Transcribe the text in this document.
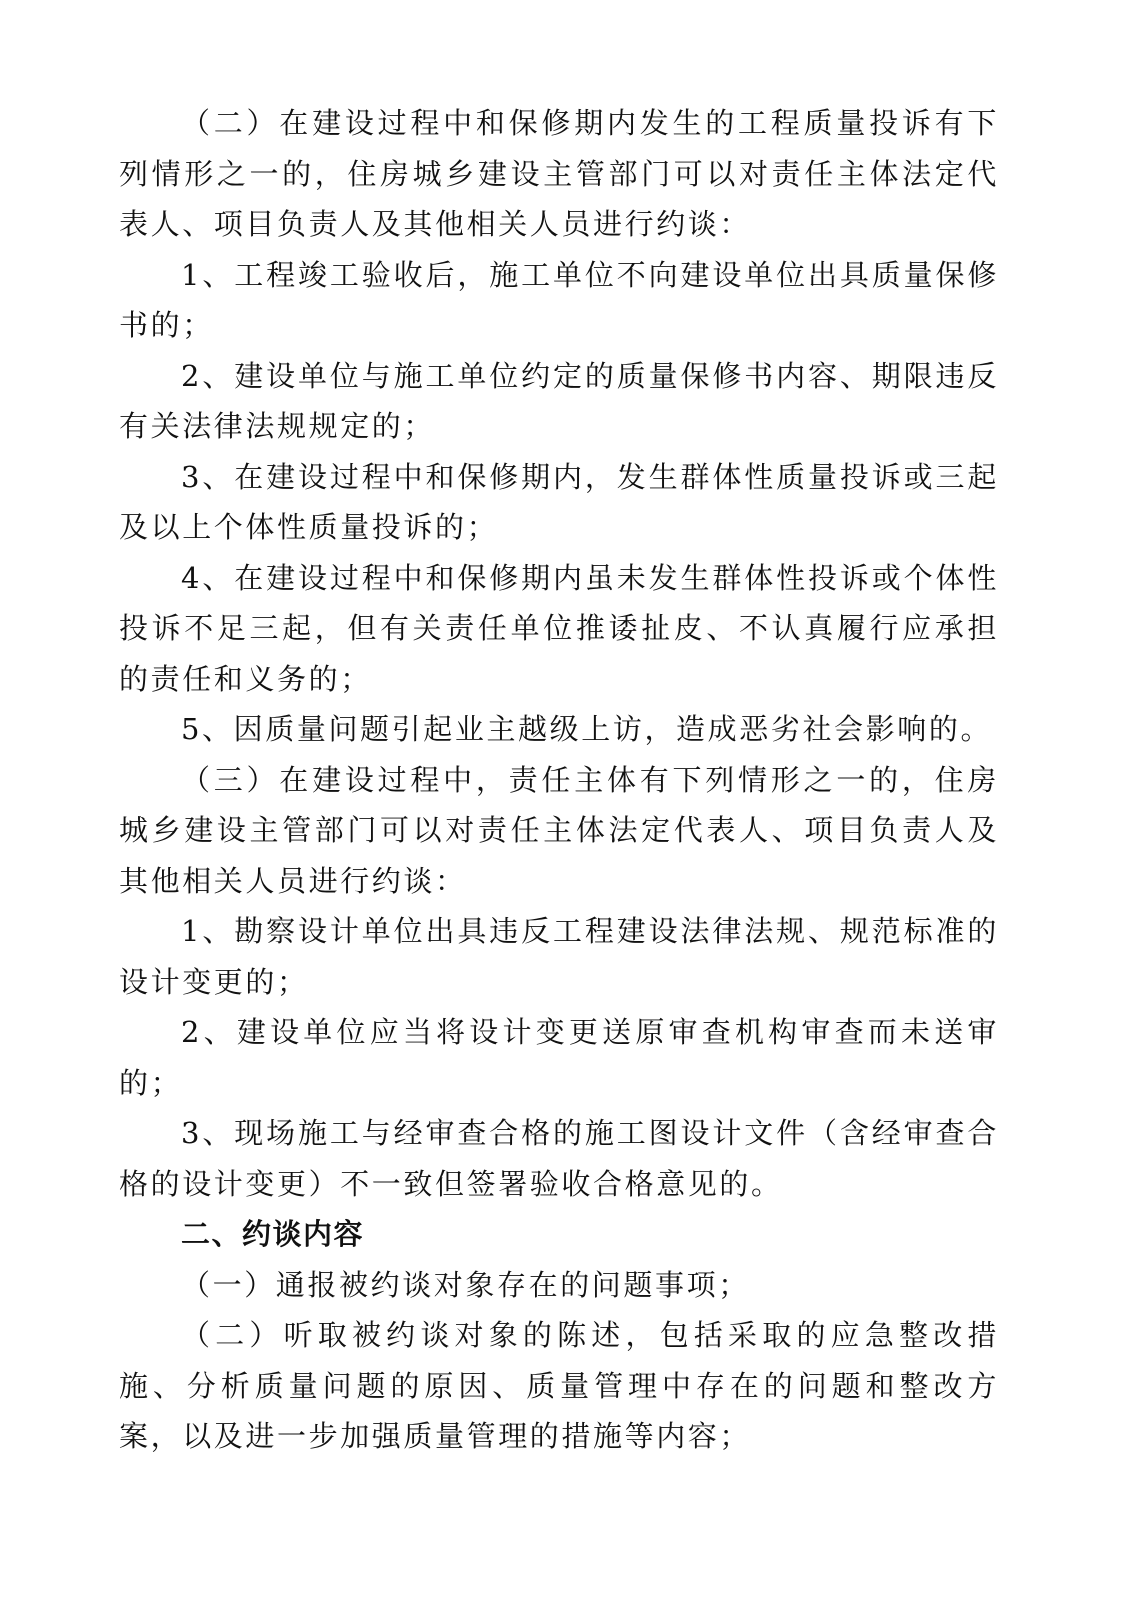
（二）在建设过程中和保修期内发生的工程质量投诉有下列情形之一的，住房城乡建设主管部门可以对责任主体法定代表人、项目负责人及其他相关人员进行约谈：

1、工程竣工验收后，施工单位不向建设单位出具质量保修书的；

2、建设单位与施工单位约定的质量保修书内容、期限违反有关法律法规规定的；

3、在建设过程中和保修期内，发生群体性质量投诉或三起及以上个体性质量投诉的；

4、在建设过程中和保修期内虽未发生群体性投诉或个体性投诉不足三起，但有关责任单位推诿扯皮、不认真履行应承担的责任和义务的；

5、因质量问题引起业主越级上访，造成恶劣社会影响的。

（三）在建设过程中，责任主体有下列情形之一的，住房城乡建设主管部门可以对责任主体法定代表人、项目负责人及其他相关人员进行约谈：

1、勘察设计单位出具违反工程建设法律法规、规范标准的设计变更的；

2、建设单位应当将设计变更送原审查机构审查而未送审的；

3、现场施工与经审查合格的施工图设计文件（含经审查合格的设计变更）不一致但签署验收合格意见的。

二、约谈内容

（一）通报被约谈对象存在的问题事项；

（二）听取被约谈对象的陈述，包括采取的应急整改措施、分析质量问题的原因、质量管理中存在的问题和整改方案，以及进一步加强质量管理的措施等内容；
